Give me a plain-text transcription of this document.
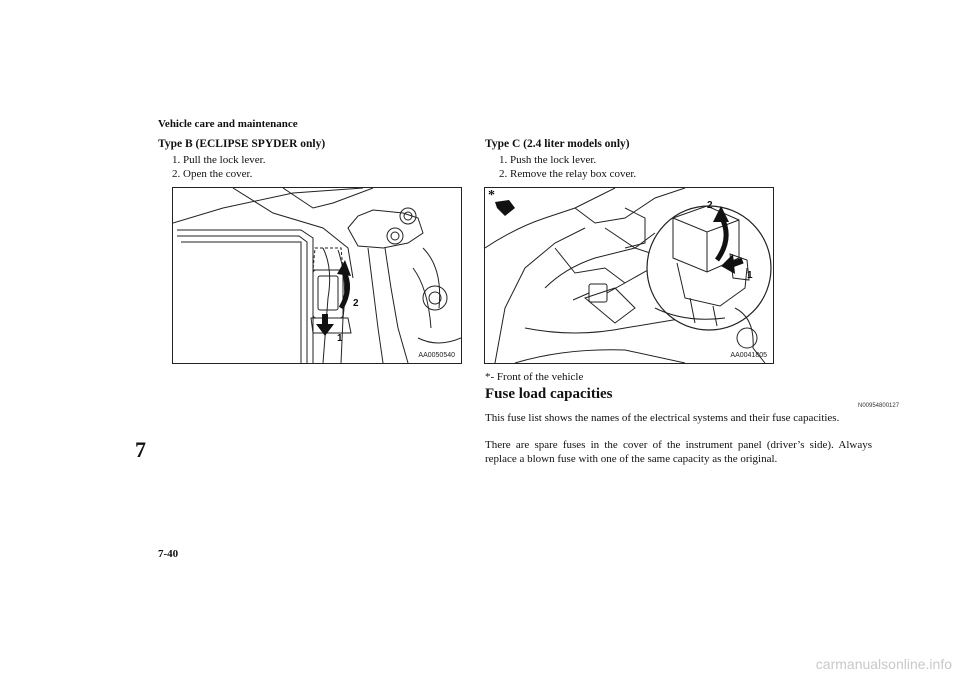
Vehicle care and maintenance
Type B (ECLIPSE SPYDER only)
1. Pull the lock lever.
2. Open the cover.
2
1
AA0050540
Type C (2.4 liter models only)
1. Push the lock lever.
2. Remove the relay box cover.
2
1
*
AA0041805
*- Front of the vehicle
Fuse load capacities
N00954800127
This fuse list shows the names of the electrical systems and their fuse capacities.
There are spare fuses in the cover of the instrument panel (driver’s side). Always replace a blown fuse with one of the same capacity as the original.
7
7-40
carmanualsonline.info
